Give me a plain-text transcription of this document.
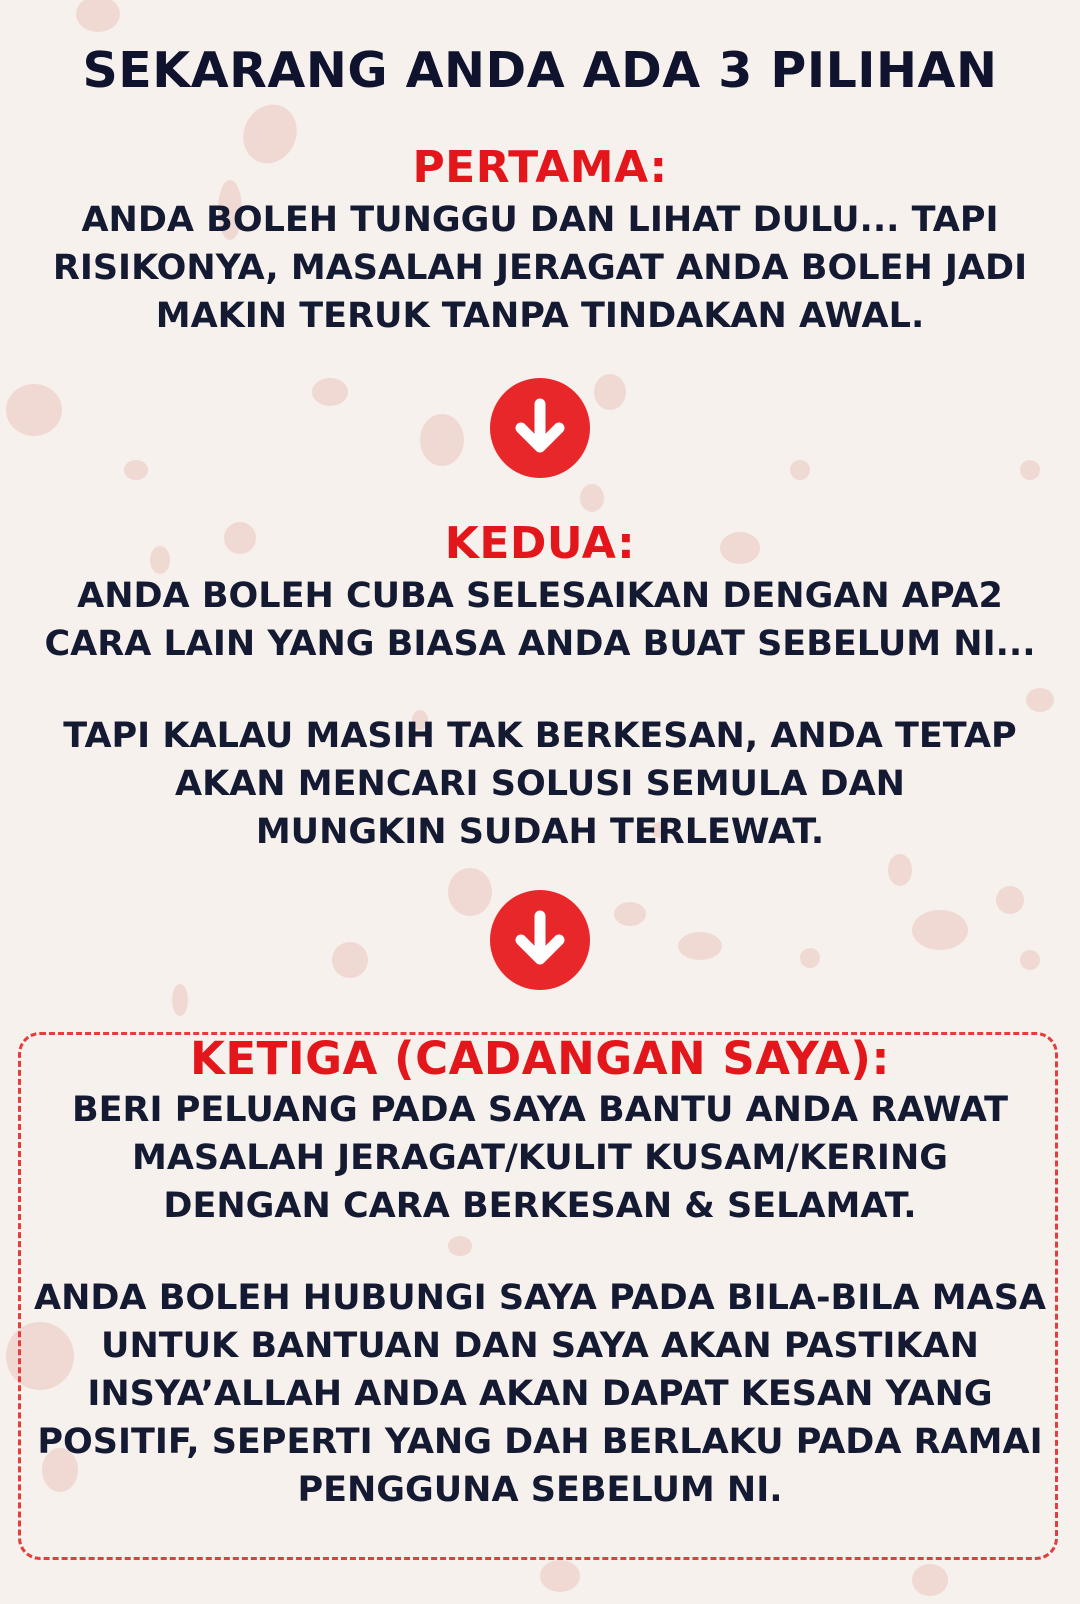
SEKARANG ANDA ADA 3 PILIHAN
PERTAMA:
ANDA BOLEH TUNGGU DAN LIHAT DULU... TAPI
RISIKONYA, MASALAH JERAGAT ANDA BOLEH JADI
MAKIN TERUK TANPA TINDAKAN AWAL.
KEDUA:
ANDA BOLEH CUBA SELESAIKAN DENGAN APA2
CARA LAIN YANG BIASA ANDA BUAT SEBELUM NI...
TAPI KALAU MASIH TAK BERKESAN, ANDA TETAP
AKAN MENCARI SOLUSI SEMULA DAN
MUNGKIN SUDAH TERLEWAT.
KETIGA (CADANGAN SAYA):
BERI PELUANG PADA SAYA BANTU ANDA RAWAT
MASALAH JERAGAT/KULIT KUSAM/KERING
DENGAN CARA BERKESAN & SELAMAT.
ANDA BOLEH HUBUNGI SAYA PADA BILA-BILA MASA
UNTUK BANTUAN DAN SAYA AKAN PASTIKAN
INSYA’ALLAH ANDA AKAN DAPAT KESAN YANG
POSITIF, SEPERTI YANG DAH BERLAKU PADA RAMAI
PENGGUNA SEBELUM NI.
